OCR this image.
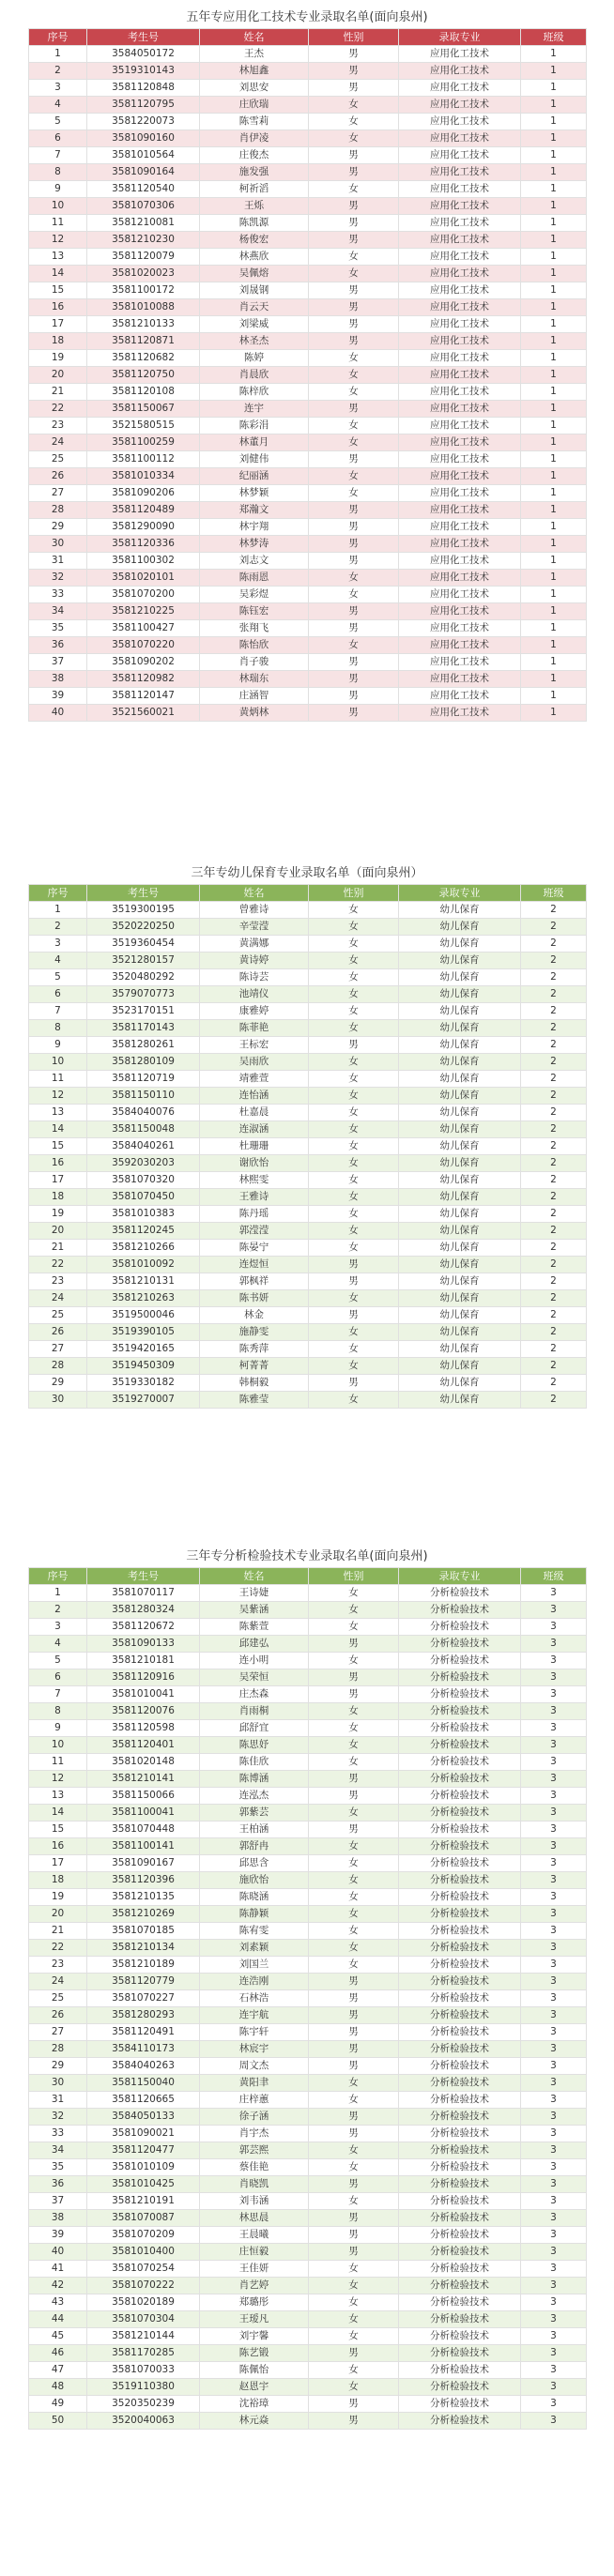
五年专应用化工技术专业录取名单(面向泉州)
序号	考生号	姓名	性别	录取专业	班级
1	3584050172	王杰	男	应用化工技术	1
2	3519310143	林旭鑫	男	应用化工技术	1
3	3581120848	刘思安	男	应用化工技术	1
4	3581120795	庄欣瑞	女	应用化工技术	1
5	3581220073	陈雪莉	女	应用化工技术	1
6	3581090160	肖伊凌	女	应用化工技术	1
7	3581010564	庄俊杰	男	应用化工技术	1
8	3581090164	施发强	男	应用化工技术	1
9	3581120540	柯祈滔	女	应用化工技术	1
10	3581070306	王烁	男	应用化工技术	1
11	3581210081	陈凯源	男	应用化工技术	1
12	3581210230	杨俊宏	男	应用化工技术	1
13	3581120079	林燕欣	女	应用化工技术	1
14	3581020023	吴佩熔	女	应用化工技术	1
15	3581100172	刘晟钢	男	应用化工技术	1
16	3581010088	肖云天	男	应用化工技术	1
17	3581210133	刘梁威	男	应用化工技术	1
18	3581120871	林圣杰	男	应用化工技术	1
19	3581120682	陈婷	女	应用化工技术	1
20	3581120750	肖晨欣	女	应用化工技术	1
21	3581120108	陈梓欣	女	应用化工技术	1
22	3581150067	连宇	男	应用化工技术	1
23	3521580515	陈彩涓	女	应用化工技术	1
24	3581100259	林董月	女	应用化工技术	1
25	3581100112	刘健伟	男	应用化工技术	1
26	3581010334	纪丽涵	女	应用化工技术	1
27	3581090206	林梦颖	女	应用化工技术	1
28	3581120489	郑瀚文	男	应用化工技术	1
29	3581290090	林宇翔	男	应用化工技术	1
30	3581120336	林梦涛	男	应用化工技术	1
31	3581100302	刘志文	男	应用化工技术	1
32	3581020101	陈雨恩	女	应用化工技术	1
33	3581070200	吴彩煜	女	应用化工技术	1
34	3581210225	陈钰宏	男	应用化工技术	1
35	3581100427	张翔飞	男	应用化工技术	1
36	3581070220	陈怡欣	女	应用化工技术	1
37	3581090202	肖子骏	男	应用化工技术	1
38	3581120982	林瑞东	男	应用化工技术	1
39	3581120147	庄涵智	男	应用化工技术	1
40	3521560021	黄炳林	男	应用化工技术	1
三年专幼儿保育专业录取名单（面向泉州）
序号	考生号	姓名	性别	录取专业	班级
1	3519300195	曾雅诗	女	幼儿保育	2
2	3520220250	辛莹滢	女	幼儿保育	2
3	3519360454	黄满娜	女	幼儿保育	2
4	3521280157	黄诗婷	女	幼儿保育	2
5	3520480292	陈诗芸	女	幼儿保育	2
6	3579070773	池靖仪	女	幼儿保育	2
7	3523170151	康雅婷	女	幼儿保育	2
8	3581170143	陈菲艳	女	幼儿保育	2
9	3581280261	王标宏	男	幼儿保育	2
10	3581280109	吴雨欣	女	幼儿保育	2
11	3581120719	靖雅萱	女	幼儿保育	2
12	3581150110	连怡涵	女	幼儿保育	2
13	3584040076	杜嘉晨	女	幼儿保育	2
14	3581150048	连淑涵	女	幼儿保育	2
15	3584040261	杜珊珊	女	幼儿保育	2
16	3592030203	谢欣怡	女	幼儿保育	2
17	3581070320	林熙雯	女	幼儿保育	2
18	3581070450	王雅诗	女	幼儿保育	2
19	3581010383	陈丹瑶	女	幼儿保育	2
20	3581120245	郭滢滢	女	幼儿保育	2
21	3581210266	陈晏宁	女	幼儿保育	2
22	3581010092	连煜恒	男	幼儿保育	2
23	3581210131	郭枫祥	男	幼儿保育	2
24	3581210263	陈书妍	女	幼儿保育	2
25	3519500046	林金	男	幼儿保育	2
26	3519390105	施静雯	女	幼儿保育	2
27	3519420165	陈秀萍	女	幼儿保育	2
28	3519450309	柯菁菁	女	幼儿保育	2
29	3519330182	韩桐毅	男	幼儿保育	2
30	3519270007	陈雅莹	女	幼儿保育	2
三年专分析检验技术专业录取名单(面向泉州)
序号	考生号	姓名	性别	录取专业	班级
1	3581070117	王诗婕	女	分析检验技术	3
2	3581280324	吴紫涵	女	分析检验技术	3
3	3581120672	陈紫萱	女	分析检验技术	3
4	3581090133	邱建弘	男	分析检验技术	3
5	3581210181	连小明	女	分析检验技术	3
6	3581120916	吴荣恒	男	分析检验技术	3
7	3581010041	庄杰森	男	分析检验技术	3
8	3581120076	肖雨桐	女	分析检验技术	3
9	3581120598	邱舒宜	女	分析检验技术	3
10	3581120401	陈思妤	女	分析检验技术	3
11	3581020148	陈佳欣	女	分析检验技术	3
12	3581210141	陈博涵	男	分析检验技术	3
13	3581150066	连泓杰	男	分析检验技术	3
14	3581100041	郭紫芸	女	分析检验技术	3
15	3581070448	王柏涵	男	分析检验技术	3
16	3581100141	郭舒冉	女	分析检验技术	3
17	3581090167	邱思含	女	分析检验技术	3
18	3581120396	施欣怡	女	分析检验技术	3
19	3581210135	陈晓涵	女	分析检验技术	3
20	3581210269	陈静颖	女	分析检验技术	3
21	3581070185	陈宥雯	女	分析检验技术	3
22	3581210134	刘素颖	女	分析检验技术	3
23	3581210189	刘国兰	女	分析检验技术	3
24	3581120779	连浩刚	男	分析检验技术	3
25	3581070227	石林浩	男	分析检验技术	3
26	3581280293	连宇航	男	分析检验技术	3
27	3581120491	陈宇轩	男	分析检验技术	3
28	3584110173	林宸宇	男	分析检验技术	3
29	3584040263	周文杰	男	分析检验技术	3
30	3581150040	黄阳聿	女	分析检验技术	3
31	3581120665	庄梓蕙	女	分析检验技术	3
32	3584050133	徐子涵	男	分析检验技术	3
33	3581090021	肖宇杰	男	分析检验技术	3
34	3581120477	郭芸熙	女	分析检验技术	3
35	3581010109	蔡佳艳	女	分析检验技术	3
36	3581010425	肖晓凯	男	分析检验技术	3
37	3581210191	刘韦涵	女	分析检验技术	3
38	3581070087	林思晨	男	分析检验技术	3
39	3581070209	王晨曦	男	分析检验技术	3
40	3581010400	庄恒毅	男	分析检验技术	3
41	3581070254	王佳妍	女	分析检验技术	3
42	3581070222	肖艺婷	女	分析检验技术	3
43	3581020189	郑璐彤	女	分析检验技术	3
44	3581070304	王瑷凡	女	分析检验技术	3
45	3581210144	刘宇馨	女	分析检验技术	3
46	3581170285	陈艺锻	男	分析检验技术	3
47	3581070033	陈佩怡	女	分析检验技术	3
48	3519110380	赵恩宇	女	分析检验技术	3
49	3520350239	沈裕璋	男	分析检验技术	3
50	3520040063	林元焱	男	分析检验技术	3
